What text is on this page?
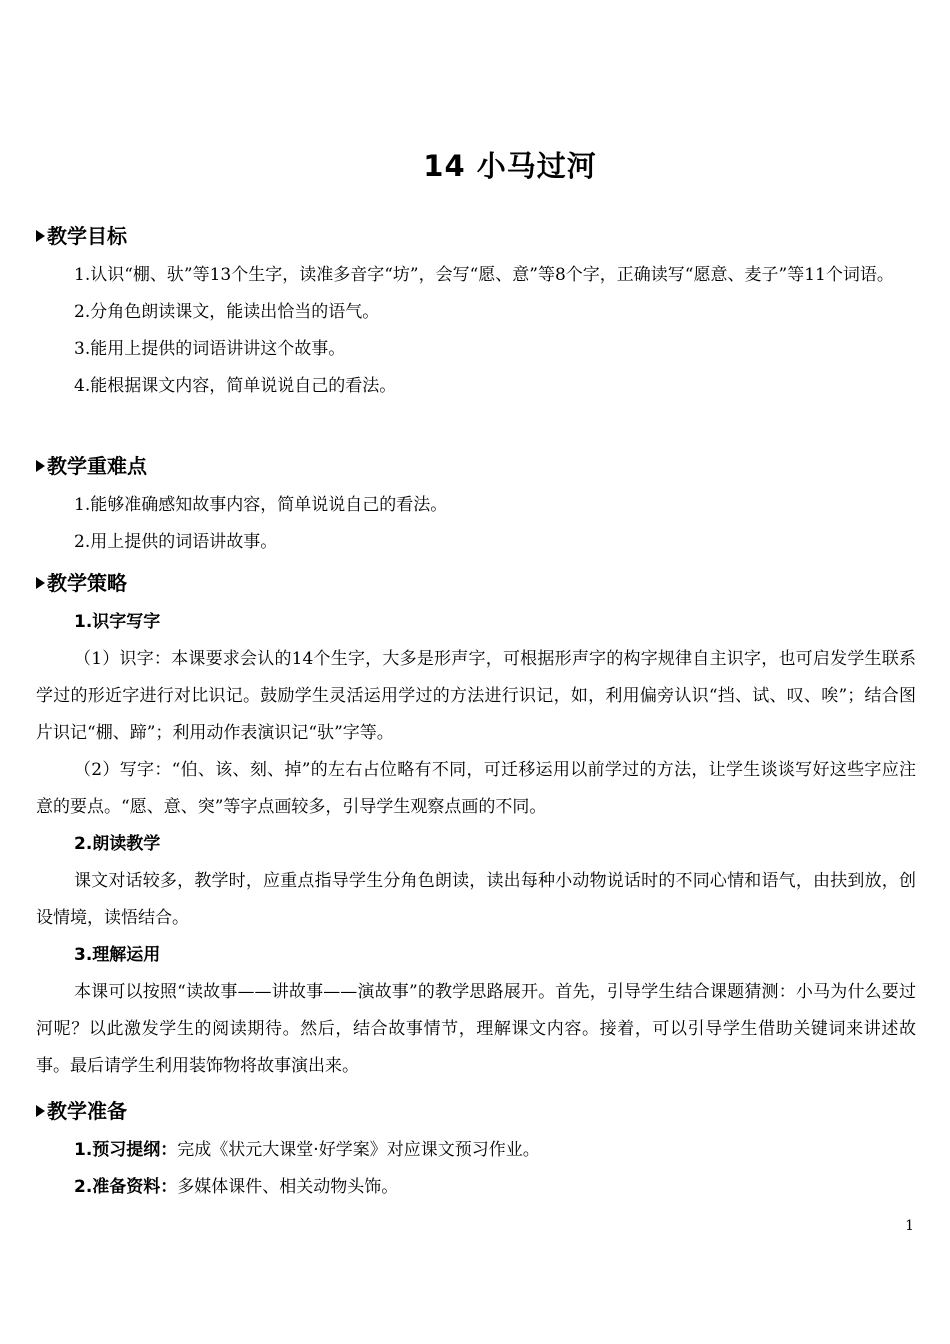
14 小马过河
教学目标

1.认识“棚、驮”等13个生字，读准多音字“坊”，会写“愿、意”等8个字，正确读写“愿意、麦子”等11个词语。

2.分角色朗读课文，能读出恰当的语气。

3.能用上提供的词语讲讲这个故事。

4.能根据课文内容，简单说说自己的看法。

教学重难点

1.能够准确感知故事内容，简单说说自己的看法。

2.用上提供的词语讲故事。

教学策略

1.识字写字

（1）识字：本课要求会认的14个生字，大多是形声字，可根据形声字的构字规律自主识字，也可启发学生联系学过的形近字进行对比识记。鼓励学生灵活运用学过的方法进行识记，如，利用偏旁认识“挡、试、叹、唉”；结合图片识记“棚、蹄”；利用动作表演识记“驮”字等。

（2）写字：“伯、该、刻、掉”的左右占位略有不同，可迁移运用以前学过的方法，让学生谈谈写好这些字应注意的要点。“愿、意、突”等字点画较多，引导学生观察点画的不同。

2.朗读教学

课文对话较多，教学时，应重点指导学生分角色朗读，读出每种小动物说话时的不同心情和语气，由扶到放，创设情境，读悟结合。

3.理解运用

本课可以按照“读故事——讲故事——演故事”的教学思路展开。首先，引导学生结合课题猜测：小马为什么要过河呢？以此激发学生的阅读期待。然后，结合故事情节，理解课文内容。接着，可以引导学生借助关键词来讲述故事。最后请学生利用装饰物将故事演出来。

教学准备

1.预习提纲：完成《状元大课堂·好学案》对应课文预习作业。

2.准备资料：多媒体课件、相关动物头饰。

1
